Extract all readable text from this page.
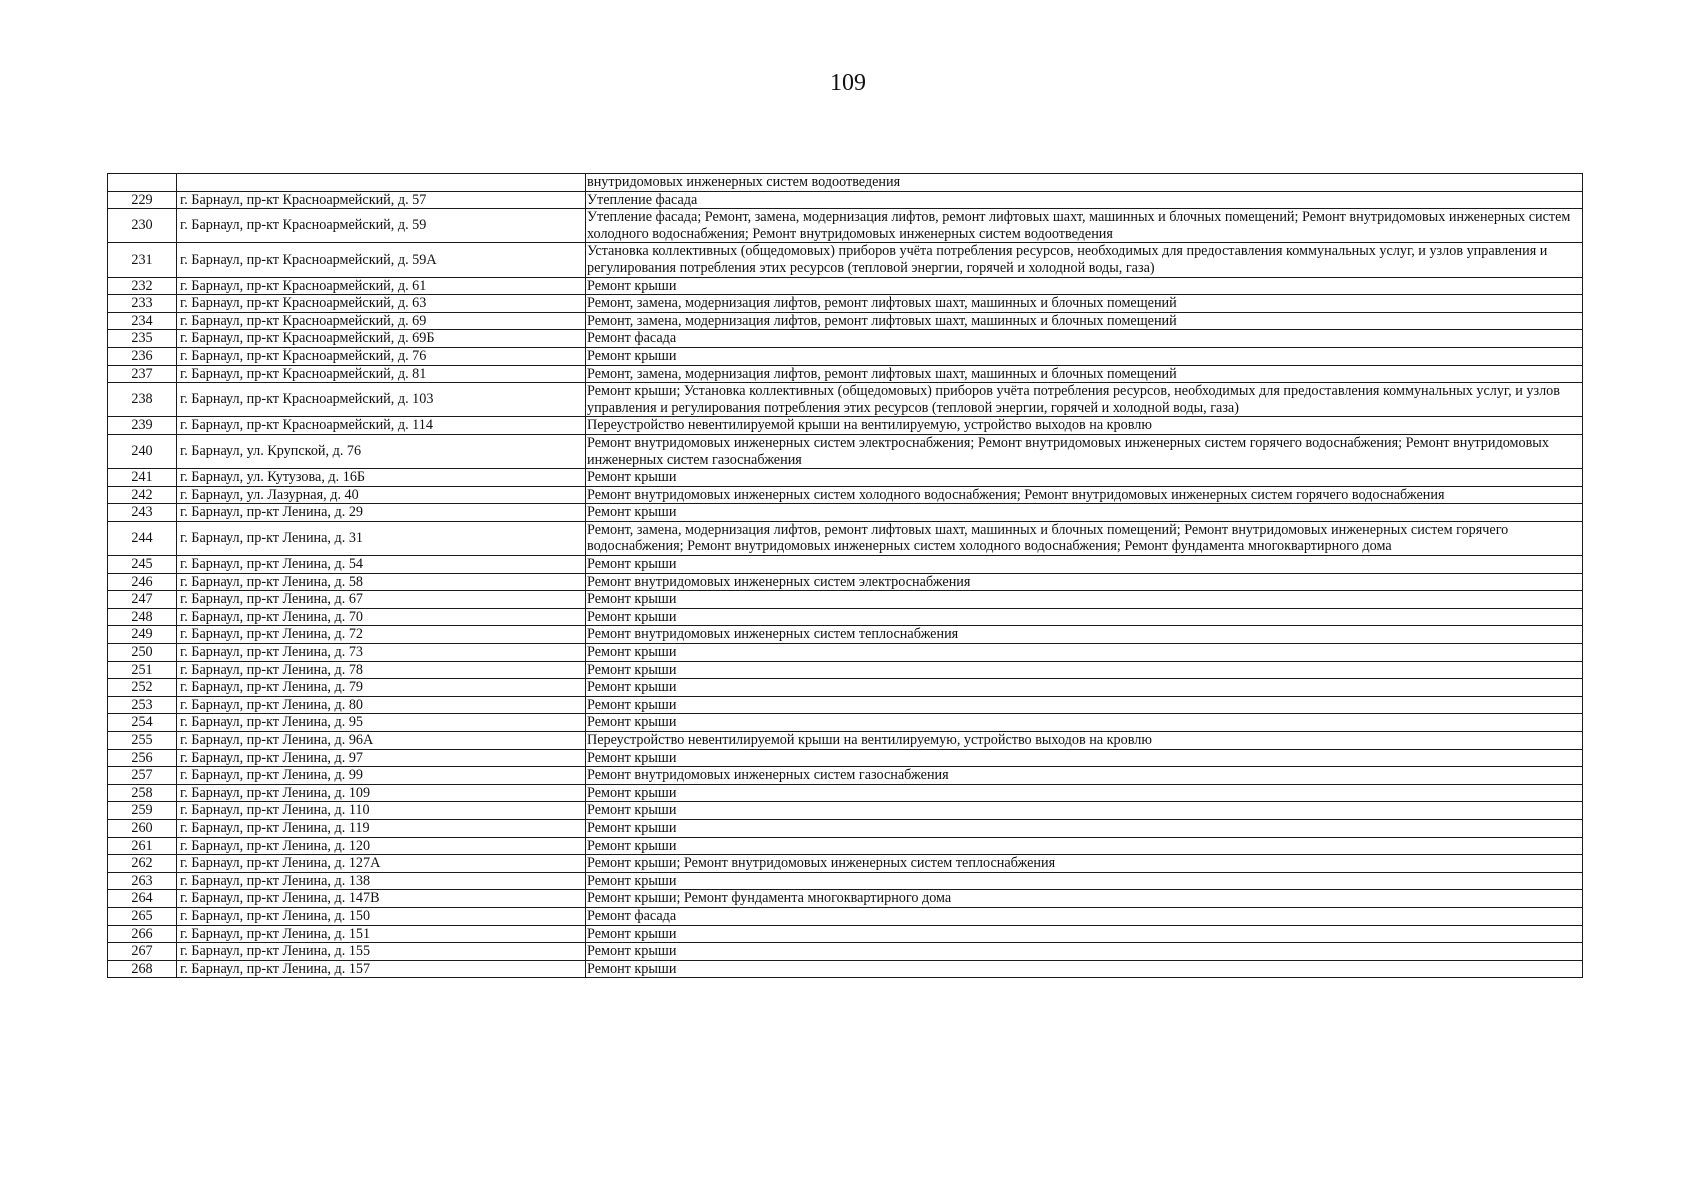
109
		внутридомовых инженерных систем водоотведения
229	г. Барнаул, пр-кт Красноармейский, д. 57	Утепление фасада
230	г. Барнаул, пр-кт Красноармейский, д. 59	Утепление фасада; Ремонт, замена, модернизация лифтов, ремонт лифтовых шахт, машинных и блочных помещений; Ремонт внутридомовых инженерных систем холодного водоснабжения; Ремонт внутридомовых инженерных систем водоотведения
231	г. Барнаул, пр-кт Красноармейский, д. 59А	Установка коллективных (общедомовых) приборов учёта потребления ресурсов, необходимых для предоставления коммунальных услуг, и узлов управления и регулирования потребления этих ресурсов (тепловой энергии, горячей и холодной воды, газа)
232	г. Барнаул, пр-кт Красноармейский, д. 61	Ремонт крыши
233	г. Барнаул, пр-кт Красноармейский, д. 63	Ремонт, замена, модернизация лифтов, ремонт лифтовых шахт, машинных и блочных помещений
234	г. Барнаул, пр-кт Красноармейский, д. 69	Ремонт, замена, модернизация лифтов, ремонт лифтовых шахт, машинных и блочных помещений
235	г. Барнаул, пр-кт Красноармейский, д. 69Б	Ремонт фасада
236	г. Барнаул, пр-кт Красноармейский, д. 76	Ремонт крыши
237	г. Барнаул, пр-кт Красноармейский, д. 81	Ремонт, замена, модернизация лифтов, ремонт лифтовых шахт, машинных и блочных помещений
238	г. Барнаул, пр-кт Красноармейский, д. 103	Ремонт крыши; Установка коллективных (общедомовых) приборов учёта потребления ресурсов, необходимых для предоставления коммунальных услуг, и узлов управления и регулирования потребления этих ресурсов (тепловой энергии, горячей и холодной воды, газа)
239	г. Барнаул, пр-кт Красноармейский, д. 114	Переустройство невентилируемой крыши на вентилируемую, устройство выходов на кровлю
240	г. Барнаул, ул. Крупской, д. 76	Ремонт внутридомовых инженерных систем электроснабжения; Ремонт внутридомовых инженерных систем горячего водоснабжения; Ремонт внутридомовых инженерных систем газоснабжения
241	г. Барнаул, ул. Кутузова, д. 16Б	Ремонт крыши
242	г. Барнаул, ул. Лазурная, д. 40	Ремонт внутридомовых инженерных систем холодного водоснабжения; Ремонт внутридомовых инженерных систем горячего водоснабжения
243	г. Барнаул, пр-кт Ленина, д. 29	Ремонт крыши
244	г. Барнаул, пр-кт Ленина, д. 31	Ремонт, замена, модернизация лифтов, ремонт лифтовых шахт, машинных и блочных помещений; Ремонт внутридомовых инженерных систем горячего водоснабжения; Ремонт внутридомовых инженерных систем холодного водоснабжения; Ремонт фундамента многоквартирного дома
245	г. Барнаул, пр-кт Ленина, д. 54	Ремонт крыши
246	г. Барнаул, пр-кт Ленина, д. 58	Ремонт внутридомовых инженерных систем электроснабжения
247	г. Барнаул, пр-кт Ленина, д. 67	Ремонт крыши
248	г. Барнаул, пр-кт Ленина, д. 70	Ремонт крыши
249	г. Барнаул, пр-кт Ленина, д. 72	Ремонт внутридомовых инженерных систем теплоснабжения
250	г. Барнаул, пр-кт Ленина, д. 73	Ремонт крыши
251	г. Барнаул, пр-кт Ленина, д. 78	Ремонт крыши
252	г. Барнаул, пр-кт Ленина, д. 79	Ремонт крыши
253	г. Барнаул, пр-кт Ленина, д. 80	Ремонт крыши
254	г. Барнаул, пр-кт Ленина, д. 95	Ремонт крыши
255	г. Барнаул, пр-кт Ленина, д. 96А	Переустройство невентилируемой крыши на вентилируемую, устройство выходов на кровлю
256	г. Барнаул, пр-кт Ленина, д. 97	Ремонт крыши
257	г. Барнаул, пр-кт Ленина, д. 99	Ремонт внутридомовых инженерных систем газоснабжения
258	г. Барнаул, пр-кт Ленина, д. 109	Ремонт крыши
259	г. Барнаул, пр-кт Ленина, д. 110	Ремонт крыши
260	г. Барнаул, пр-кт Ленина, д. 119	Ремонт крыши
261	г. Барнаул, пр-кт Ленина, д. 120	Ремонт крыши
262	г. Барнаул, пр-кт Ленина, д. 127А	Ремонт крыши; Ремонт внутридомовых инженерных систем теплоснабжения
263	г. Барнаул, пр-кт Ленина, д. 138	Ремонт крыши
264	г. Барнаул, пр-кт Ленина, д. 147В	Ремонт крыши; Ремонт фундамента многоквартирного дома
265	г. Барнаул, пр-кт Ленина, д. 150	Ремонт фасада
266	г. Барнаул, пр-кт Ленина, д. 151	Ремонт крыши
267	г. Барнаул, пр-кт Ленина, д. 155	Ремонт крыши
268	г. Барнаул, пр-кт Ленина, д. 157	Ремонт крыши
